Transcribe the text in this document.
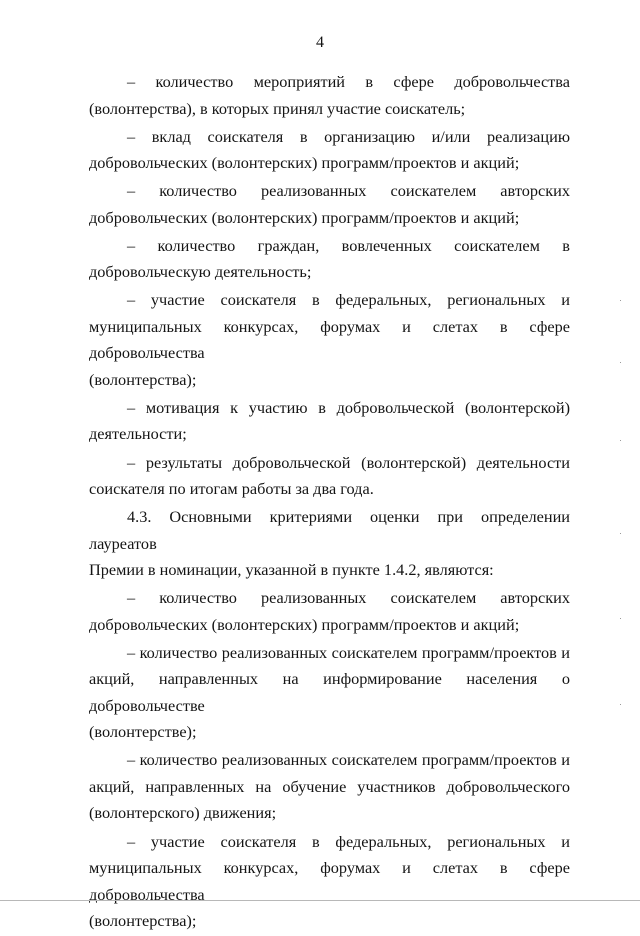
4
– количество мероприятий в сфере добровольчества
(волонтерства), в которых принял участие соискатель;
– вклад соискателя в организацию и/или реализацию
добровольческих (волонтерских) программ/проектов и акций;
– количество реализованных соискателем авторских
добровольческих (волонтерских) программ/проектов и акций;
– количество граждан, вовлеченных соискателем в
добровольческую деятельность;
– участие соискателя в федеральных, региональных и
муниципальных конкурсах, форумах и слетах в сфере добровольчества
(волонтерства);
– мотивация к участию в добровольческой (волонтерской)
деятельности;
– результаты добровольческой (волонтерской) деятельности
соискателя по итогам работы за два года.
4.3. Основными критериями оценки при определении лауреатов
Премии в номинации, указанной в пункте 1.4.2, являются:
– количество реализованных соискателем авторских
добровольческих (волонтерских) программ/проектов и акций;
– количество реализованных соискателем программ/проектов и
акций, направленных на информирование населения о добровольчестве
(волонтерстве);
– количество реализованных соискателем программ/проектов и
акций, направленных на обучение участников добровольческого
(волонтерского) движения;
– участие соискателя в федеральных, региональных и
муниципальных конкурсах, форумах и слетах в сфере добровольчества
(волонтерства);
